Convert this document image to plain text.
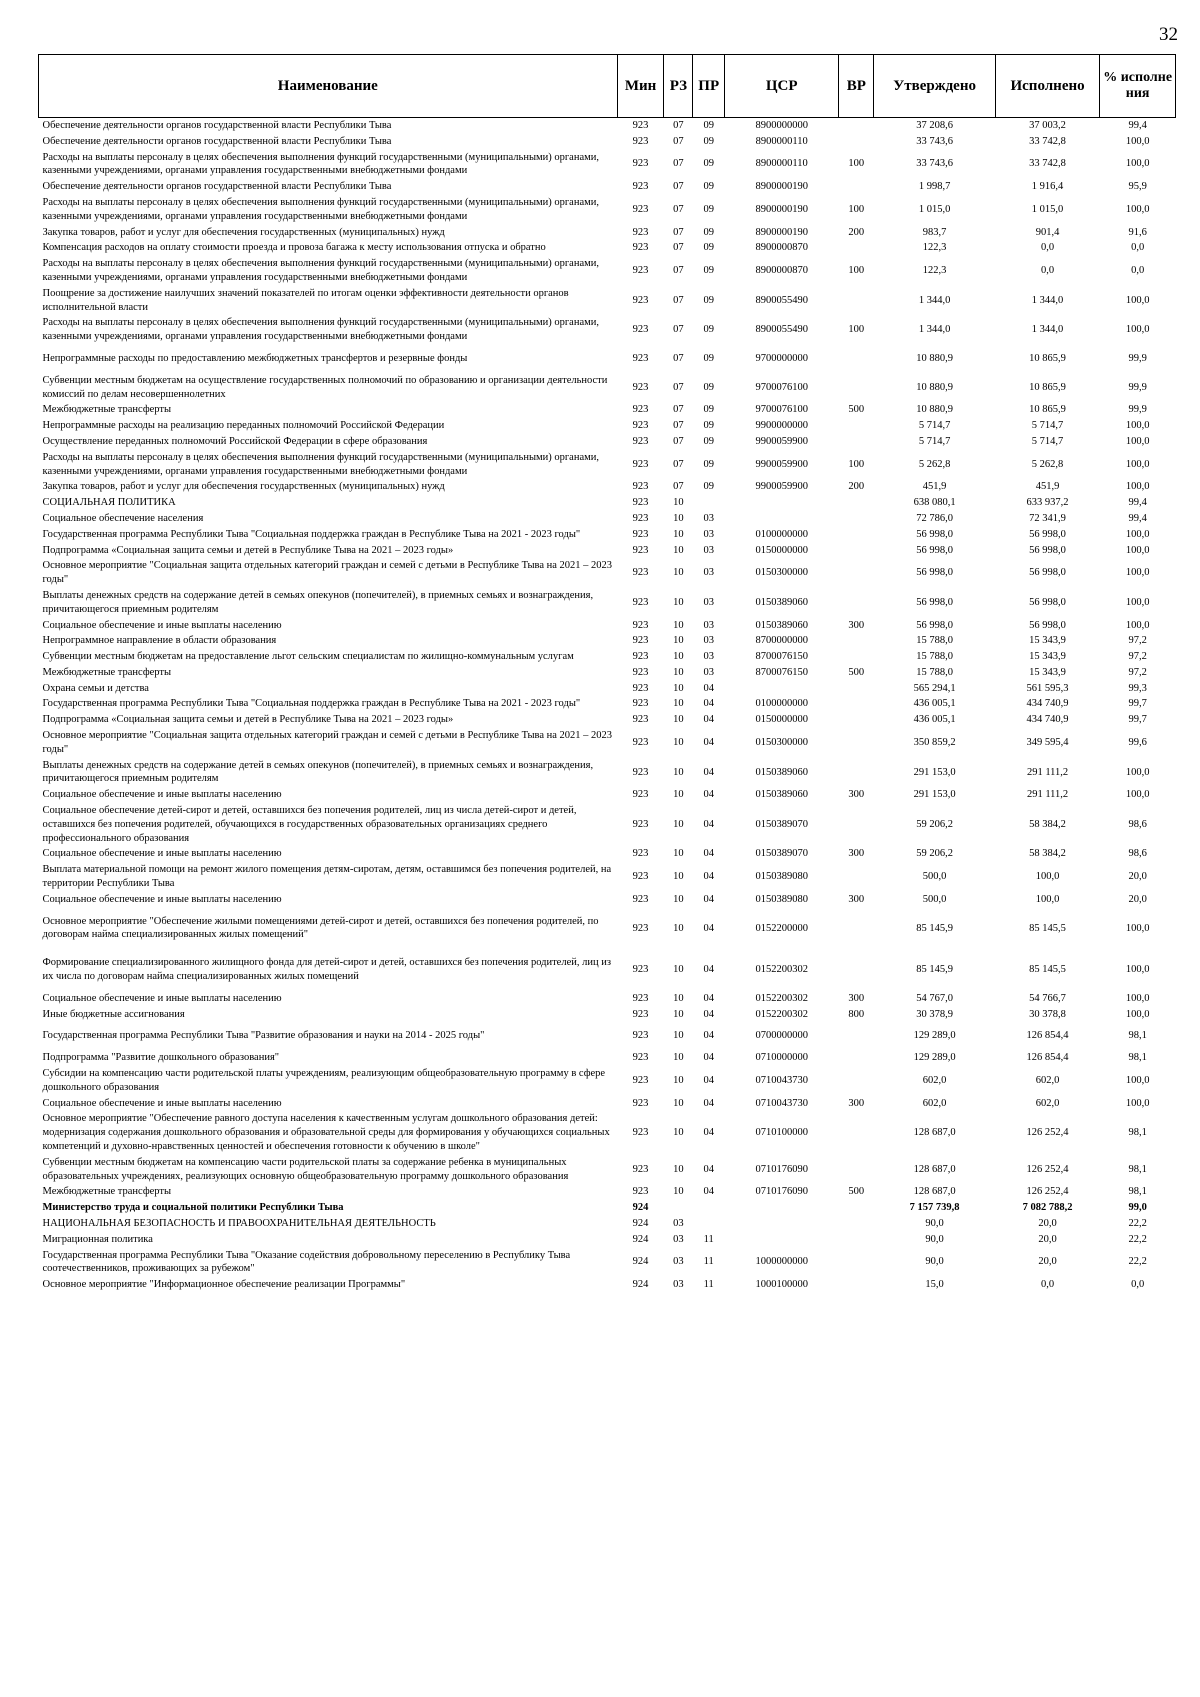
32
Наименование	Мин	РЗ	ПР	ЦСР	ВР	Утверждено	Исполнено	% исполне ния
Обеспечение деятельности органов государственной власти Республики Тыва	923	07	09	8900000000		37 208,6	37 003,2	99,4
Обеспечение деятельности органов государственной власти Республики Тыва	923	07	09	8900000110		33 743,6	33 742,8	100,0
Расходы на выплаты персоналу в целях обеспечения выполнения функций государственными (муниципальными) органами, казенными учреждениями, органами управления государственными внебюджетными фондами	923	07	09	8900000110	100	33 743,6	33 742,8	100,0
Обеспечение деятельности органов государственной власти Республики Тыва	923	07	09	8900000190		1 998,7	1 916,4	95,9
Расходы на выплаты персоналу в целях обеспечения выполнения функций государственными (муниципальными) органами, казенными учреждениями, органами управления государственными внебюджетными фондами	923	07	09	8900000190	100	1 015,0	1 015,0	100,0
Закупка товаров, работ и услуг для обеспечения государственных (муниципальных) нужд	923	07	09	8900000190	200	983,7	901,4	91,6
Компенсация расходов на оплату стоимости проезда и провоза багажа к месту использования отпуска и обратно	923	07	09	8900000870		122,3	0,0	0,0
Расходы на выплаты персоналу в целях обеспечения выполнения функций государственными (муниципальными) органами, казенными учреждениями, органами управления государственными внебюджетными фондами	923	07	09	8900000870	100	122,3	0,0	0,0
Поощрение за достижение наилучших значений показателей по итогам оценки эффективности деятельности органов исполнительной власти	923	07	09	8900055490		1 344,0	1 344,0	100,0
Расходы на выплаты персоналу в целях обеспечения выполнения функций государственными (муниципальными) органами, казенными учреждениями, органами управления государственными внебюджетными фондами	923	07	09	8900055490	100	1 344,0	1 344,0	100,0
Непрограммные расходы по предоставлению межбюджетных трансфертов и резервные фонды	923	07	09	9700000000		10 880,9	10 865,9	99,9
Субвенции местным бюджетам на осуществление государственных полномочий по образованию и организации деятельности комиссий по делам несовершеннолетних	923	07	09	9700076100		10 880,9	10 865,9	99,9
Межбюджетные трансферты	923	07	09	9700076100	500	10 880,9	10 865,9	99,9
Непрограммные расходы на реализацию переданных полномочий Российской Федерации	923	07	09	9900000000		5 714,7	5 714,7	100,0
Осуществление переданных полномочий Российской Федерации в сфере образования	923	07	09	9900059900		5 714,7	5 714,7	100,0
Расходы на выплаты персоналу в целях обеспечения выполнения функций государственными (муниципальными) органами, казенными учреждениями, органами управления государственными внебюджетными фондами	923	07	09	9900059900	100	5 262,8	5 262,8	100,0
Закупка товаров, работ и услуг для обеспечения государственных (муниципальных) нужд	923	07	09	9900059900	200	451,9	451,9	100,0
СОЦИАЛЬНАЯ ПОЛИТИКА	923	10				638 080,1	633 937,2	99,4
Социальное обеспечение населения	923	10	03			72 786,0	72 341,9	99,4
Государственная программа Республики Тыва "Социальная поддержка граждан в Республике Тыва на 2021 - 2023 годы"	923	10	03	0100000000		56 998,0	56 998,0	100,0
Подпрограмма «Социальная защита семьи и детей в Республике Тыва на 2021 – 2023 годы»	923	10	03	0150000000		56 998,0	56 998,0	100,0
Основное мероприятие "Социальная защита отдельных категорий граждан и семей с детьми в Республике Тыва на 2021 – 2023 годы"	923	10	03	0150300000		56 998,0	56 998,0	100,0
Выплаты денежных средств на содержание детей в семьях опекунов (попечителей), в приемных семьях и вознаграждения, причитающегося приемным родителям	923	10	03	0150389060		56 998,0	56 998,0	100,0
Социальное обеспечение и иные выплаты населению	923	10	03	0150389060	300	56 998,0	56 998,0	100,0
Непрограммное направление в области образования	923	10	03	8700000000		15 788,0	15 343,9	97,2
Субвенции местным бюджетам на предоставление льгот сельским специалистам по жилищно-коммунальным услугам	923	10	03	8700076150		15 788,0	15 343,9	97,2
Межбюджетные трансферты	923	10	03	8700076150	500	15 788,0	15 343,9	97,2
Охрана семьи и детства	923	10	04			565 294,1	561 595,3	99,3
Государственная программа Республики Тыва "Социальная поддержка граждан в Республике Тыва на 2021 - 2023 годы"	923	10	04	0100000000		436 005,1	434 740,9	99,7
Подпрограмма «Социальная защита семьи и детей в Республике Тыва на 2021 – 2023 годы»	923	10	04	0150000000		436 005,1	434 740,9	99,7
Основное мероприятие "Социальная защита отдельных категорий граждан и семей с детьми в Республике Тыва на 2021 – 2023 годы"	923	10	04	0150300000		350 859,2	349 595,4	99,6
Выплаты денежных средств на содержание детей в семьях опекунов (попечителей), в приемных семьях и вознаграждения, причитающегося приемным родителям	923	10	04	0150389060		291 153,0	291 111,2	100,0
Социальное обеспечение и иные выплаты населению	923	10	04	0150389060	300	291 153,0	291 111,2	100,0
Социальное обеспечение детей-сирот и детей, оставшихся без попечения родителей, лиц из числа детей-сирот и детей, оставшихся без попечения родителей, обучающихся в государственных образовательных организациях среднего профессионального образования	923	10	04	0150389070		59 206,2	58 384,2	98,6
Социальное обеспечение и иные выплаты населению	923	10	04	0150389070	300	59 206,2	58 384,2	98,6
Выплата материальной помощи на ремонт жилого помещения детям-сиротам, детям, оставшимся без попечения родителей, на территории Республики Тыва	923	10	04	0150389080		500,0	100,0	20,0
Социальное обеспечение и иные выплаты населению	923	10	04	0150389080	300	500,0	100,0	20,0
Основное мероприятие "Обеспечение жилыми помещениями детей-сирот и детей, оставшихся без попечения родителей, по договорам найма специализированных жилых помещений"	923	10	04	0152200000		85 145,9	85 145,5	100,0
Формирование специализированного жилищного фонда для детей-сирот и детей, оставшихся без попечения родителей, лиц из их числа по договорам найма специализированных жилых помещений	923	10	04	0152200302		85 145,9	85 145,5	100,0
Социальное обеспечение и иные выплаты населению	923	10	04	0152200302	300	54 767,0	54 766,7	100,0
Иные бюджетные ассигнования	923	10	04	0152200302	800	30 378,9	30 378,8	100,0
Государственная программа Республики Тыва "Развитие образования и науки на 2014 - 2025 годы"	923	10	04	0700000000		129 289,0	126 854,4	98,1
Подпрограмма "Развитие дошкольного образования"	923	10	04	0710000000		129 289,0	126 854,4	98,1
Субсидии на компенсацию части родительской платы учреждениям, реализующим общеобразовательную программу в сфере дошкольного образования	923	10	04	0710043730		602,0	602,0	100,0
Социальное обеспечение и иные выплаты населению	923	10	04	0710043730	300	602,0	602,0	100,0
Основное мероприятие "Обеспечение равного доступа населения к качественным услугам дошкольного образования детей: модернизация содержания дошкольного образования и образовательной среды для формирования у обучающихся социальных компетенций и духовно-нравственных ценностей и обеспечения готовности к обучению в школе"	923	10	04	0710100000		128 687,0	126 252,4	98,1
Субвенции местным бюджетам на компенсацию части родительской платы за содержание ребенка в муниципальных образовательных учреждениях, реализующих основную общеобразовательную программу дошкольного образования	923	10	04	0710176090		128 687,0	126 252,4	98,1
Межбюджетные трансферты	923	10	04	0710176090	500	128 687,0	126 252,4	98,1
Министерство труда и социальной политики Республики Тыва	924					7 157 739,8	7 082 788,2	99,0
НАЦИОНАЛЬНАЯ БЕЗОПАСНОСТЬ И ПРАВООХРАНИТЕЛЬНАЯ ДЕЯТЕЛЬНОСТЬ	924	03				90,0	20,0	22,2
Миграционная политика	924	03	11			90,0	20,0	22,2
Государственная программа Республики Тыва "Оказание содействия добровольному переселению в Республику Тыва соотечественников, проживающих за рубежом"	924	03	11	1000000000		90,0	20,0	22,2
Основное мероприятие "Информационное обеспечение реализации Программы"	924	03	11	1000100000		15,0	0,0	0,0
